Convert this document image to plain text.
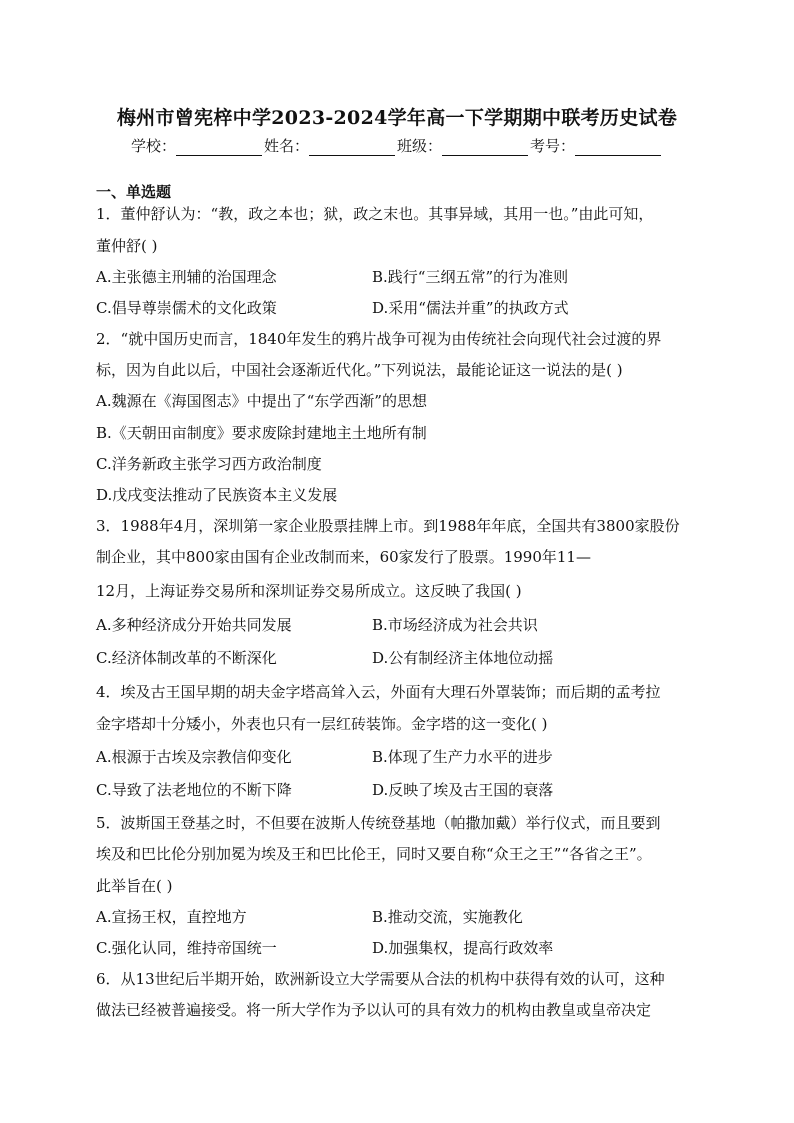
梅州市曾宪梓中学2023-2024学年高一下学期期中联考历史试卷
学校：	姓名：	班级：	考号：
一、单选题
1．董仲舒认为：“教，政之本也；狱，政之末也。其事异域，其用一也。”由此可知，
董仲舒( )
A.主张德主刑辅的治国理念	B.践行“三纲五常”的行为准则
C.倡导尊崇儒术的文化政策	D.采用“儒法并重”的执政方式
2．“就中国历史而言，1840年发生的鸦片战争可视为由传统社会向现代社会过渡的界
标，因为自此以后，中国社会逐渐近代化。”下列说法，最能论证这一说法的是( )
A.魏源在《海国图志》中提出了“东学西渐”的思想
B.《天朝田亩制度》要求废除封建地主土地所有制
C.洋务新政主张学习西方政治制度
D.戊戌变法推动了民族资本主义发展
3．1988年4月，深圳第一家企业股票挂牌上市。到1988年年底，全国共有3800家股份
制企业，其中800家由国有企业改制而来，60家发行了股票。1990年11—
12月，上海证券交易所和深圳证券交易所成立。这反映了我国( )
A.多种经济成分开始共同发展	B.市场经济成为社会共识
C.经济体制改革的不断深化	D.公有制经济主体地位动摇
4．埃及古王国早期的胡夫金字塔高耸入云，外面有大理石外罩装饰；而后期的孟考拉
金字塔却十分矮小，外表也只有一层红砖装饰。金字塔的这一变化( )
A.根源于古埃及宗教信仰变化	B.体现了生产力水平的进步
C.导致了法老地位的不断下降	D.反映了埃及古王国的衰落
5．波斯国王登基之时，不但要在波斯人传统登基地（帕撒加戴）举行仪式，而且要到
埃及和巴比伦分别加冕为埃及王和巴比伦王，同时又要自称“众王之王”“各省之王”。
此举旨在( )
A.宣扬王权，直控地方	B.推动交流，实施教化
C.强化认同，维持帝国统一	D.加强集权，提高行政效率
6．从13世纪后半期开始，欧洲新设立大学需要从合法的机构中获得有效的认可，这种
做法已经被普遍接受。将一所大学作为予以认可的具有效力的机构由教皇或皇帝决定
